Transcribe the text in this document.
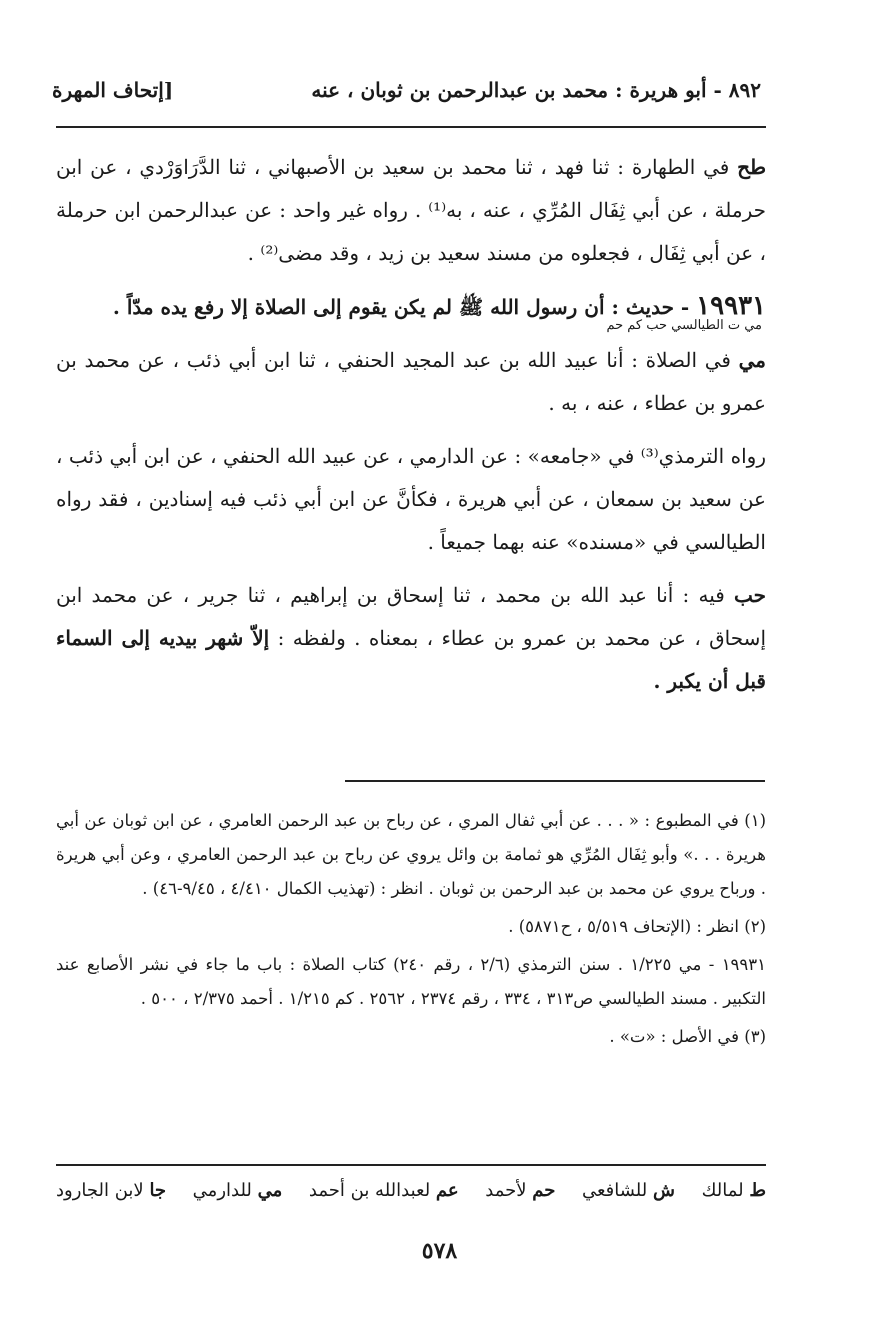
٨٩٢ - أبو هريرة : محمد بن عبدالرحمن بن ثوبان ، عنه
[إتحاف المهرة

طح في الطهارة : ثنا فهد ، ثنا محمد بن سعيد بن الأصبهاني ، ثنا الدَّرَاوَرْدي ، عن ابن حرملة ، عن أبي ثِفَال المُرِّي ، عنه ، به⁽¹⁾ . رواه غير واحد : عن عبدالرحمن ابن حرملة ، عن أبي ثِفَال ، فجعلوه من مسند سعيد بن زيد ، وقد مضى⁽²⁾ .

١٩٩٣١ - حديث : أن رسول الله ﷺ لم يكن يقوم إلى الصلاة إلا رفع يده مدّاً .
مي ت الطيالسي حب كم حم

مي في الصلاة : أنا عبيد الله بن عبد المجيد الحنفي ، ثنا ابن أبي ذئب ، عن محمد بن عمرو بن عطاء ، عنه ، به .

رواه الترمذي⁽³⁾ في «جامعه» : عن الدارمي ، عن عبيد الله الحنفي ، عن ابن أبي ذئب ، عن سعيد بن سمعان ، عن أبي هريرة ، فكأنَّ عن ابن أبي ذئب فيه إسنادين ، فقد رواه الطيالسي في «مسنده» عنه بهما جميعاً .

حب فيه : أنا عبد الله بن محمد ، ثنا إسحاق بن إبراهيم ، ثنا جرير ، عن محمد ابن إسحاق ، عن محمد بن عمرو بن عطاء ، بمعناه . ولفظه : إلاّ شهر بيديه إلى السماء قبل أن يكبر .

(١) في المطبوع : « . . . عن أبي ثفال المري ، عن رباح بن عبد الرحمن العامري ، عن ابن ثوبان عن أبي هريرة . . .» وأبو ثِفَال المُرِّي هو ثمامة بن وائل يروي عن رباح بن عبد الرحمن العامري ، وعن أبي هريرة . ورباح يروي عن محمد بن عبد الرحمن بن ثوبان . انظر : (تهذيب الكمال ٤/٤١٠ ، ٩/٤٥-٤٦) .

(٢) انظر : (الإتحاف ٥/٥١٩ ، ح٥٨٧١) .

١٩٩٣١ - مي ١/٢٢٥ . سنن الترمذي (٢/٦ ، رقم ٢٤٠) كتاب الصلاة : باب ما جاء في نشر الأصابع عند التكبير . مسند الطيالسي ص٣١٣ ، ٣٣٤ ، رقم ٢٣٧٤ ، ٢٥٦٢ . كم ١/٢١٥ . أحمد ٢/٣٧٥ ، ٥٠٠ .

(٣) في الأصل : «ت» .

ط لمالك
ش للشافعي
حم لأحمد
عم لعبدالله بن أحمد
مي للدارمي
جا لابن الجارود
٥٧٨
